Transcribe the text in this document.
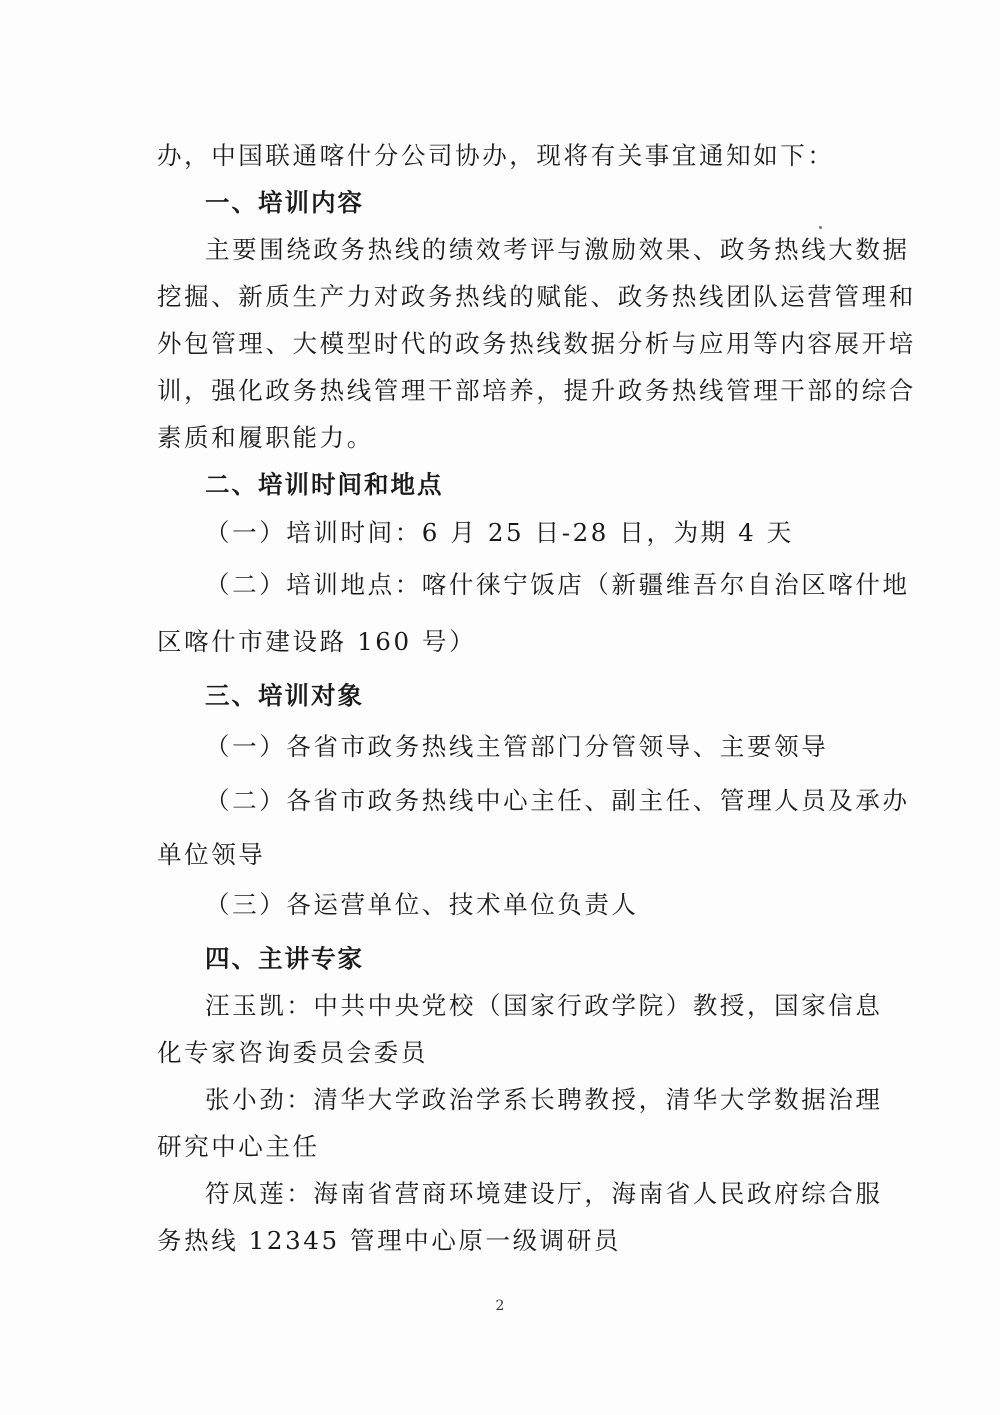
办，中国联通喀什分公司协办，现将有关事宜通知如下：
一、培训内容
主要围绕政务热线的绩效考评与激励效果、政务热线大数据
挖掘、新质生产力对政务热线的赋能、政务热线团队运营管理和
外包管理、大模型时代的政务热线数据分析与应用等内容展开培
训，强化政务热线管理干部培养，提升政务热线管理干部的综合
素质和履职能力。
二、培训时间和地点
（一）培训时间：6 月 25 日-28 日，为期 4 天
（二）培训地点：喀什徕宁饭店（新疆维吾尔自治区喀什地
区喀什市建设路 160 号）
三、培训对象
（一）各省市政务热线主管部门分管领导、主要领导
（二）各省市政务热线中心主任、副主任、管理人员及承办
单位领导
（三）各运营单位、技术单位负责人
四、主讲专家
汪玉凯：中共中央党校（国家行政学院）教授，国家信息
化专家咨询委员会委员
张小劲：清华大学政治学系长聘教授，清华大学数据治理
研究中心主任
符凤莲：海南省营商环境建设厅，海南省人民政府综合服
务热线 12345 管理中心原一级调研员
2
